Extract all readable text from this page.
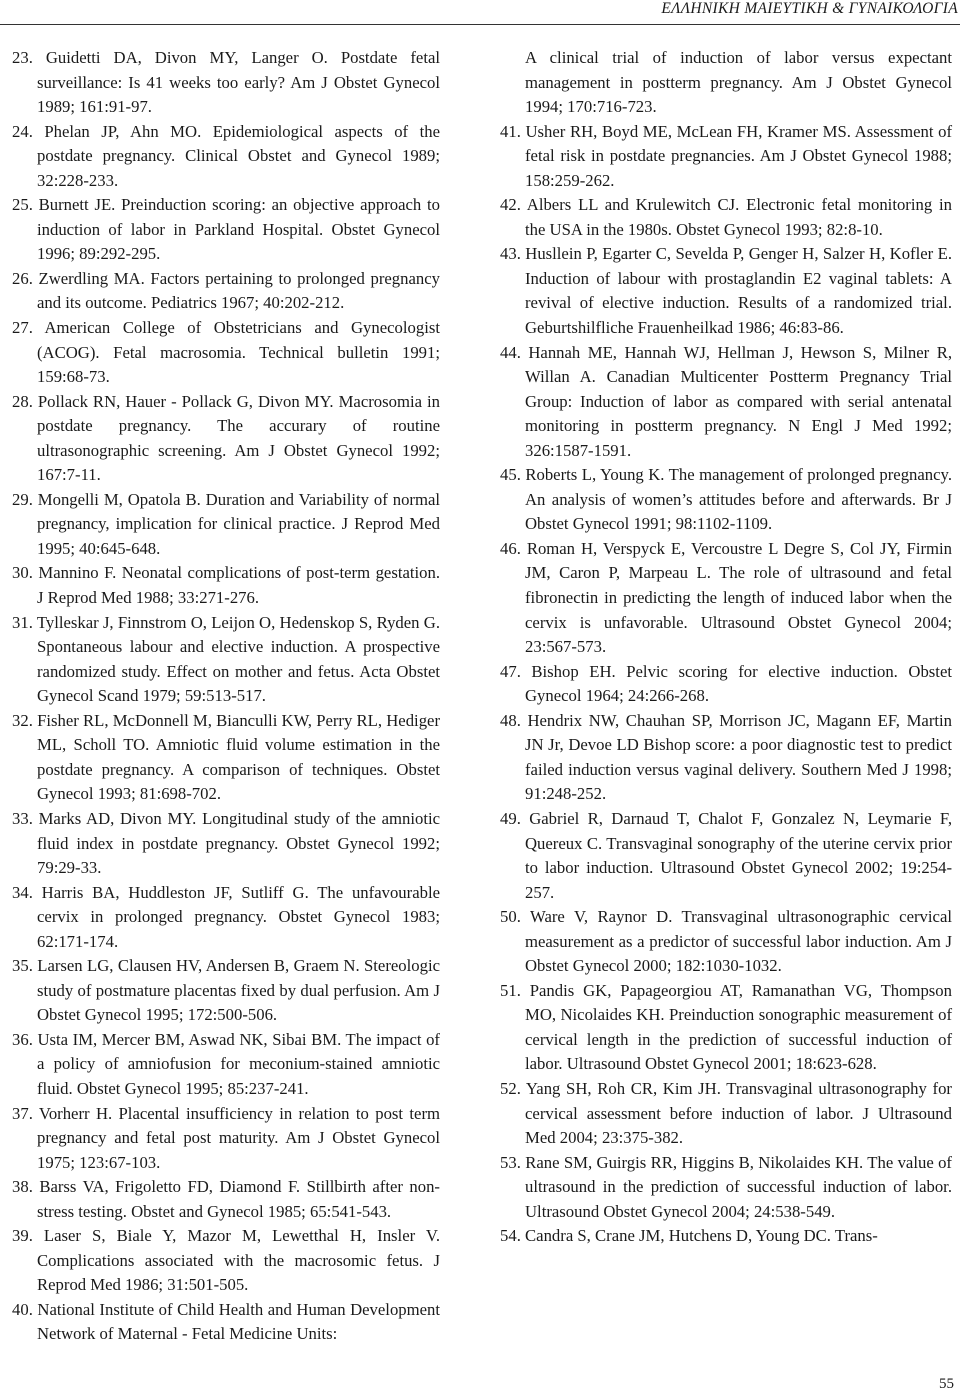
ΕΛΛΗΝΙΚΗ ΜΑΙΕΥΤΙΚΗ & ΓΥΝΑΙΚΟΛΟΓΙΑ

23. Guidetti DA, Divon MY, Langer O. Postdate fetal surveillance: Is 41 weeks too early? Am J Obstet Gynecol 1989; 161:91-97.

24. Phelan JP, Ahn MO. Epidemiological aspects of the postdate pregnancy. Clinical Obstet and Gynecol 1989; 32:228-233.

25. Burnett JE. Preinduction scoring: an objective approach to induction of labor in Parkland Hospital. Obstet Gynecol 1996; 89:292-295.

26. Zwerdling MA. Factors pertaining to prolonged pregnancy and its outcome. Pediatrics 1967; 40:202-212.

27. American College of Obstetricians and Gynecologist (ACOG). Fetal macrosomia. Technical bulletin 1991; 159:68-73.

28. Pollack RN, Hauer - Pollack G, Divon MY. Macrosomia in postdate pregnancy. The accurary of routine ultrasonographic screening. Am J Obstet Gynecol 1992; 167:7-11.

29. Mongelli M, Opatola B. Duration and Variability of normal pregnancy, implication for clinical practice. J Reprod Med 1995; 40:645-648.

30. Mannino F. Neonatal complications of post-term gestation. J Reprod Med 1988; 33:271-276.

31. Tylleskar J, Finnstrom O, Leijon O, Hedenskop S, Ryden G. Spontaneous labour and elective induction. A prospective randomized study. Effect on mother and fetus. Acta Obstet Gynecol Scand 1979; 59:513-517.

32. Fisher RL, McDonnell M, Bianculli KW, Perry RL, Hediger ML, Scholl TO. Amniotic fluid volume estimation in the postdate pregnancy. A comparison of techniques. Obstet Gynecol 1993; 81:698-702.

33. Marks AD, Divon MY. Longitudinal study of the amniotic fluid index in postdate pregnancy. Obstet Gynecol 1992; 79:29-33.

34. Harris BA, Huddleston JF, Sutliff G. The unfavourable cervix in prolonged pregnancy. Obstet Gynecol 1983; 62:171-174.

35. Larsen LG, Clausen HV, Andersen B, Graem N. Stereologic study of postmature placentas fixed by dual perfusion. Am J Obstet Gynecol 1995; 172:500-506.

36. Usta IM, Mercer BM, Aswad NK, Sibai BM. The impact of a policy of amniofusion for meconium-stained amniotic fluid. Obstet Gynecol 1995; 85:237-241.

37. Vorherr H. Placental insufficiency in relation to post term pregnancy and fetal post maturity. Am J Obstet Gynecol 1975; 123:67-103.

38. Barss VA, Frigoletto FD, Diamond F. Stillbirth after non-stress testing. Obstet and Gynecol 1985; 65:541-543.

39. Laser S, Biale Y, Mazor M, Lewetthal H, Insler V. Complications associated with the macrosomic fetus. J Reprod Med 1986; 31:501-505.

40. National Institute of Child Health and Human Development Network of Maternal - Fetal Medicine Units:

A clinical trial of induction of labor versus expectant management in postterm pregnancy. Am J Obstet Gynecol 1994; 170:716-723.

41. Usher RH, Boyd ME, McLean FH, Kramer MS. Assessment of fetal risk in postdate pregnancies. Am J Obstet Gynecol 1988; 158:259-262.

42. Albers LL and Krulewitch CJ. Electronic fetal monitoring in the USA in the 1980s. Obstet Gynecol 1993; 82:8-10.

43. Husllein P, Egarter C, Sevelda P, Genger H, Salzer H, Kofler E. Induction of labour with prostaglandin E2 vaginal tablets: A revival of elective induction. Results of a randomized trial. Geburtshilfliche Frauenheilkad 1986; 46:83-86.

44. Hannah ME, Hannah WJ, Hellman J, Hewson S, Milner R, Willan A. Canadian Multicenter Postterm Pregnancy Trial Group: Induction of labor as compared with serial antenatal monitoring in postterm pregnancy. N Engl J Med 1992; 326:1587-1591.

45. Roberts L, Young K. The management of prolonged pregnancy. An analysis of women’s attitudes before and afterwards. Br J Obstet Gynecol 1991; 98:1102-1109.

46. Roman H, Verspyck E, Vercoustre L Degre S, Col JY, Firmin JM, Caron P, Marpeau L. The role of ultrasound and fetal fibronectin in predicting the length of induced labor when the cervix is unfavorable. Ultrasound Obstet Gynecol 2004; 23:567-573.

47. Bishop EH. Pelvic scoring for elective induction. Obstet Gynecol 1964; 24:266-268.

48. Hendrix NW, Chauhan SP, Morrison JC, Magann EF, Martin JN Jr, Devoe LD Bishop score: a poor diagnostic test to predict failed induction versus vaginal delivery. Southern Med J 1998; 91:248-252.

49. Gabriel R, Darnaud T, Chalot F, Gonzalez N, Leymarie F, Quereux C. Transvaginal sonography of the uterine cervix prior to labor induction. Ultrasound Obstet Gynecol 2002; 19:254-257.

50. Ware V, Raynor D. Transvaginal ultrasonographic cervical measurement as a predictor of successful labor induction. Am J Obstet Gynecol 2000; 182:1030-1032.

51. Pandis GK, Papageorgiou AT, Ramanathan VG, Thompson MO, Nicolaides KH. Preinduction sonographic measurement of cervical length in the prediction of successful induction of labor. Ultrasound Obstet Gynecol 2001; 18:623-628.

52. Yang SH, Roh CR, Kim JH. Transvaginal ultrasonography for cervical assessment before induction of labor. J Ultrasound Med 2004; 23:375-382.

53. Rane SM, Guirgis RR, Higgins B, Nikolaides KH. The value of ultrasound in the prediction of successful induction of labor. Ultrasound Obstet Gynecol 2004; 24:538-549.

54. Candra S, Crane JM, Hutchens D, Young DC. Trans-

55
